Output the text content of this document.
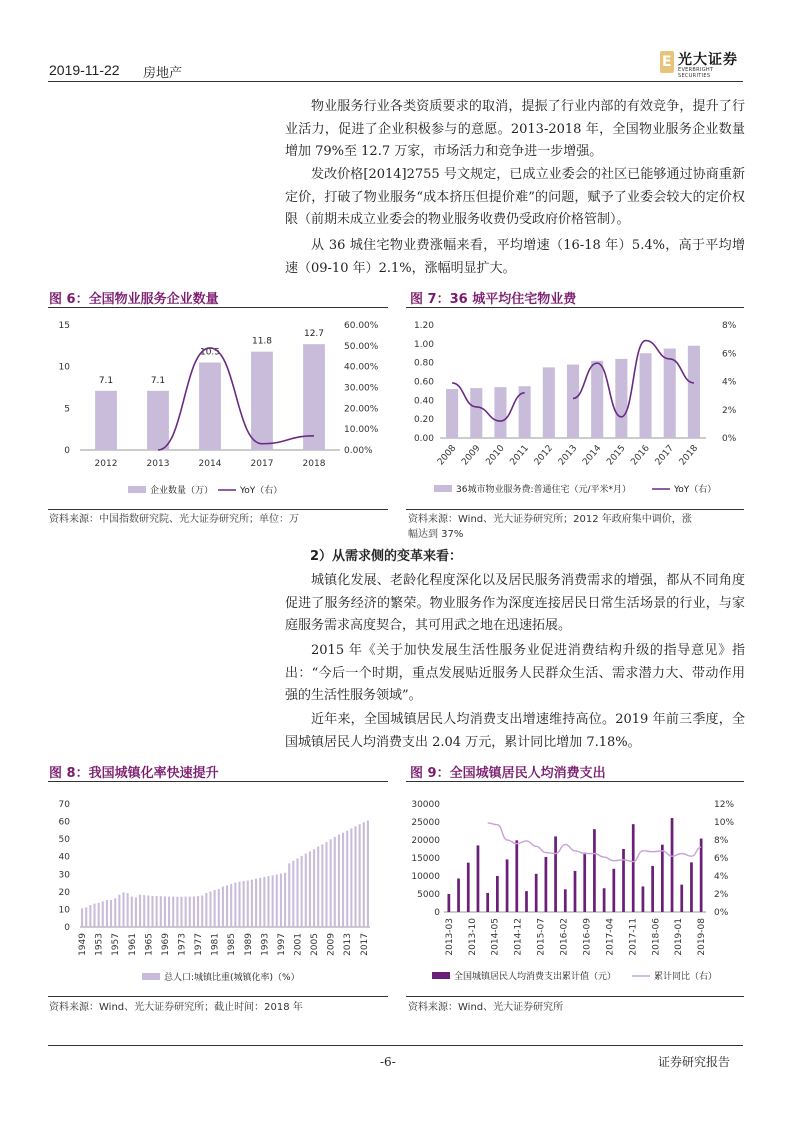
2019-11-22 房地产
E 光大证券
EVERBRIGHT SECURITIES
物业服务行业各类资质要求的取消，提振了行业内部的有效竞争，提升了行业活力，促进了企业积极参与的意愿。2013-2018 年，全国物业服务企业数量增加 79%至 12.7 万家，市场活力和竞争进一步增强。
发改价格[2014]2755 号文规定，已成立业委会的社区已能够通过协商重新定价，打破了物业服务“成本挤压但提价难”的问题，赋予了业委会较大的定价权限（前期未成立业委会的物业服务收费仍受政府价格管制）。
从 36 城住宅物业费涨幅来看，平均增速（16-18 年）5.4%，高于平均增速（09-10 年）2.1%，涨幅明显扩大。
图 6：全国物业服务企业数量
0
5
10
15
0.00%
10.00%
20.00%
30.00%
40.00%
50.00%
60.00%
7.1
2012
7.1
2013
10.5
2014
11.8
2017
12.7
2018
企业数量（万）	YoY（右）
资料来源：中国指数研究院、光大证券研究所；单位：万
图 7：36 城平均住宅物业费
0.00
0.20
0.40
0.60
0.80
1.00
1.20
0%
2%
4%
6%
8%
2008 2009 2010 2011 2012 2013 2014 2015 2016 2017 2018
36城市物业服务费:普通住宅（元/平米*月）	YoY（右）
资料来源：Wind、光大证券研究所；2012 年政府集中调价，涨
幅达到 37%
2）从需求侧的变革来看：
城镇化发展、老龄化程度深化以及居民服务消费需求的增强，都从不同角度促进了服务经济的繁荣。物业服务作为深度连接居民日常生活场景的行业，与家庭服务需求高度契合，其可用武之地在迅速拓展。
2015 年《关于加快发展生活性服务业促进消费结构升级的指导意见》指出：“今后一个时期，重点发展贴近服务人民群众生活、需求潜力大、带动作用强的生活性服务领域”。
近年来，全国城镇居民人均消费支出增速维持高位。2019 年前三季度，全国城镇居民人均消费支出 2.04 万元，累计同比增加 7.18%。
图 8：我国城镇化率快速提升
0
10
20
30
40
50
60
70
1949 1953 1957 1961 1965 1969 1973 1977 1981 1985 1989 1993 1997 2001 2005 2009 2013 2017
总人口:城镇比重(城镇化率)（%）
资料来源：Wind、光大证券研究所；截止时间：2018 年
图 9：全国城镇居民人均消费支出
0
5000
10000
15000
20000
25000
30000
0%
2%
4%
6%
8%
10%
12%
2013-03 2013-10 2014-05 2014-12 2015-07 2016-02 2016-09 2017-04 2017-11 2018-06 2019-01 2019-08
全国城镇居民人均消费支出累计值（元）	累计同比（右）
资料来源：Wind、光大证券研究所
-6-	证券研究报告
